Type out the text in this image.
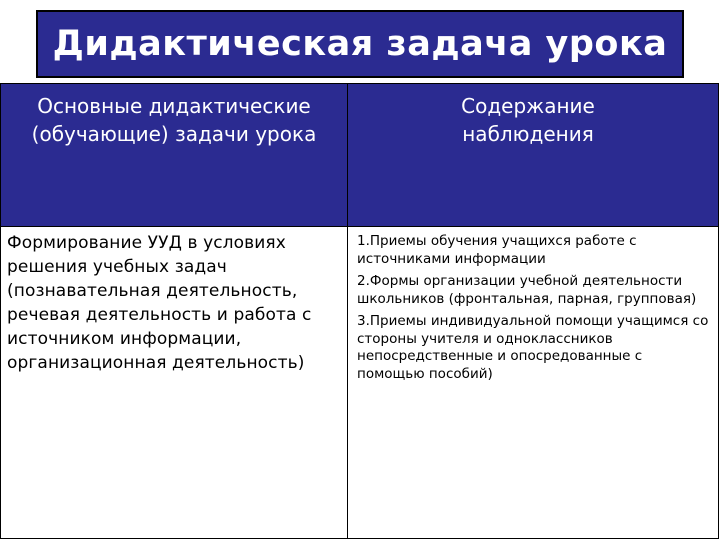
Дидактическая задача урока
Основные дидактические (обучающие) задачи урока
Содержание наблюдения
Формирование УУД в условиях решения учебных задач (познавательная деятельность, речевая деятельность и работа с источником информации, организационная деятельность)
1.Приемы обучения учащихся работе с источниками информации
2.Формы организации учебной деятельности школьников (фронтальная, парная, групповая)
3.Приемы индивидуальной помощи учащимся со стороны учителя и одноклассников непосредственные и опосредованные с помощью пособий)
